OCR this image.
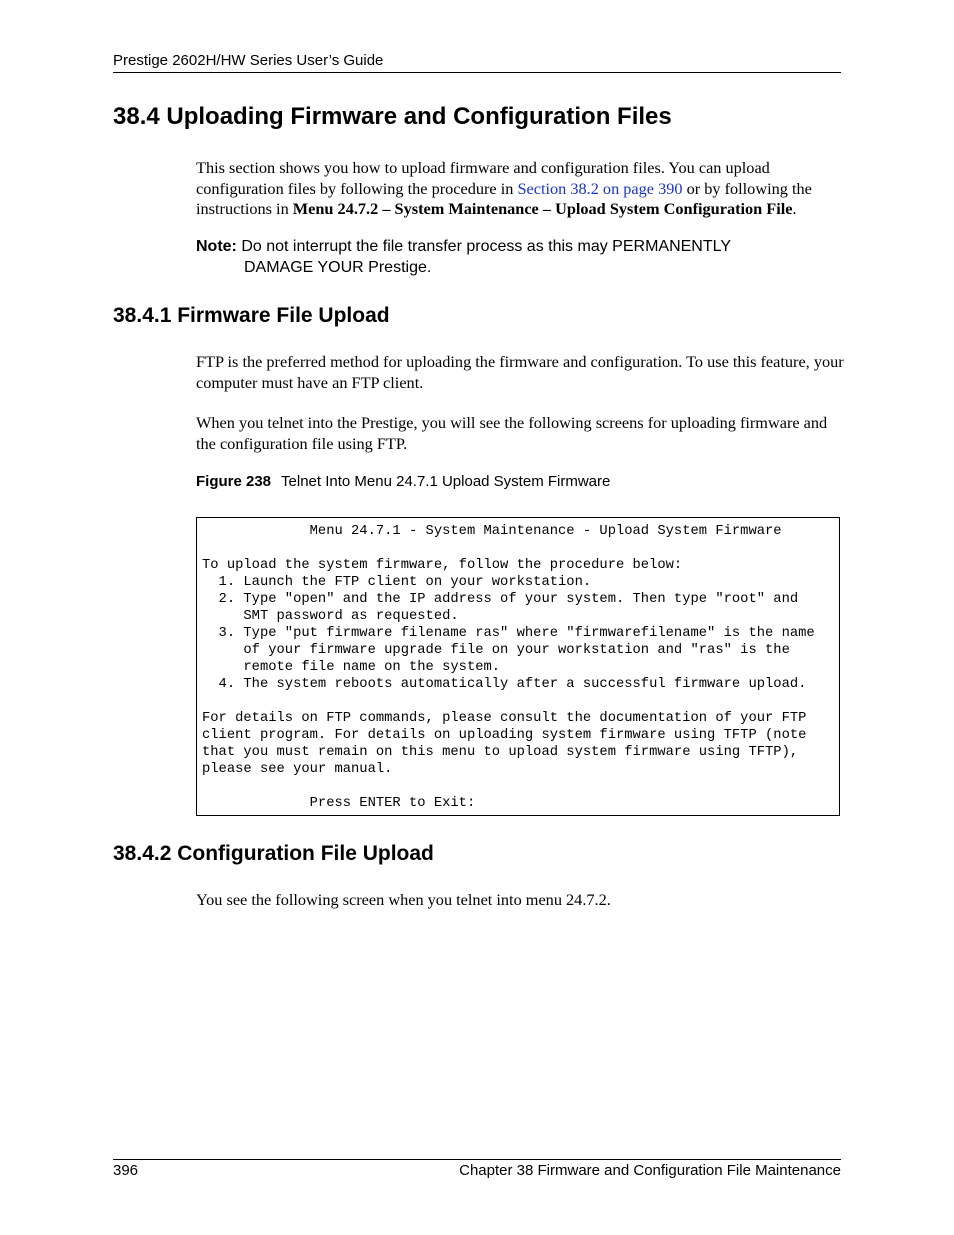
Prestige 2602H/HW Series User’s Guide
38.4 Uploading Firmware and Configuration Files

This section shows you how to upload firmware and configuration files. You can upload configuration files by following the procedure in Section 38.2 on page 390 or by following the instructions in Menu 24.7.2 – System Maintenance – Upload System Configuration File.

Note: Do not interrupt the file transfer process as this may PERMANENTLY
DAMAGE YOUR Prestige.
38.4.1 Firmware File Upload

FTP is the preferred method for uploading the firmware and configuration. To use this feature, your computer must have an FTP client.

When you telnet into the Prestige, you will see the following screens for uploading firmware and the configuration file using FTP.

Figure 238 Telnet Into Menu 24.7.1 Upload System Firmware
Menu 24.7.1 - System Maintenance - Upload System Firmware

To upload the system firmware, follow the procedure below:
1. Launch the FTP client on your workstation.
2. Type "open" and the IP address of your system. Then type "root" and
SMT password as requested.
3. Type "put firmware filename ras" where "firmwarefilename" is the name
of your firmware upgrade file on your workstation and "ras" is the
remote file name on the system.
4. The system reboots automatically after a successful firmware upload.

For details on FTP commands, please consult the documentation of your FTP
client program. For details on uploading system firmware using TFTP (note
that you must remain on this menu to upload system firmware using TFTP),
please see your manual.

Press ENTER to Exit:
38.4.2 Configuration File Upload

You see the following screen when you telnet into menu 24.7.2.

396	Chapter 38 Firmware and Configuration File Maintenance
